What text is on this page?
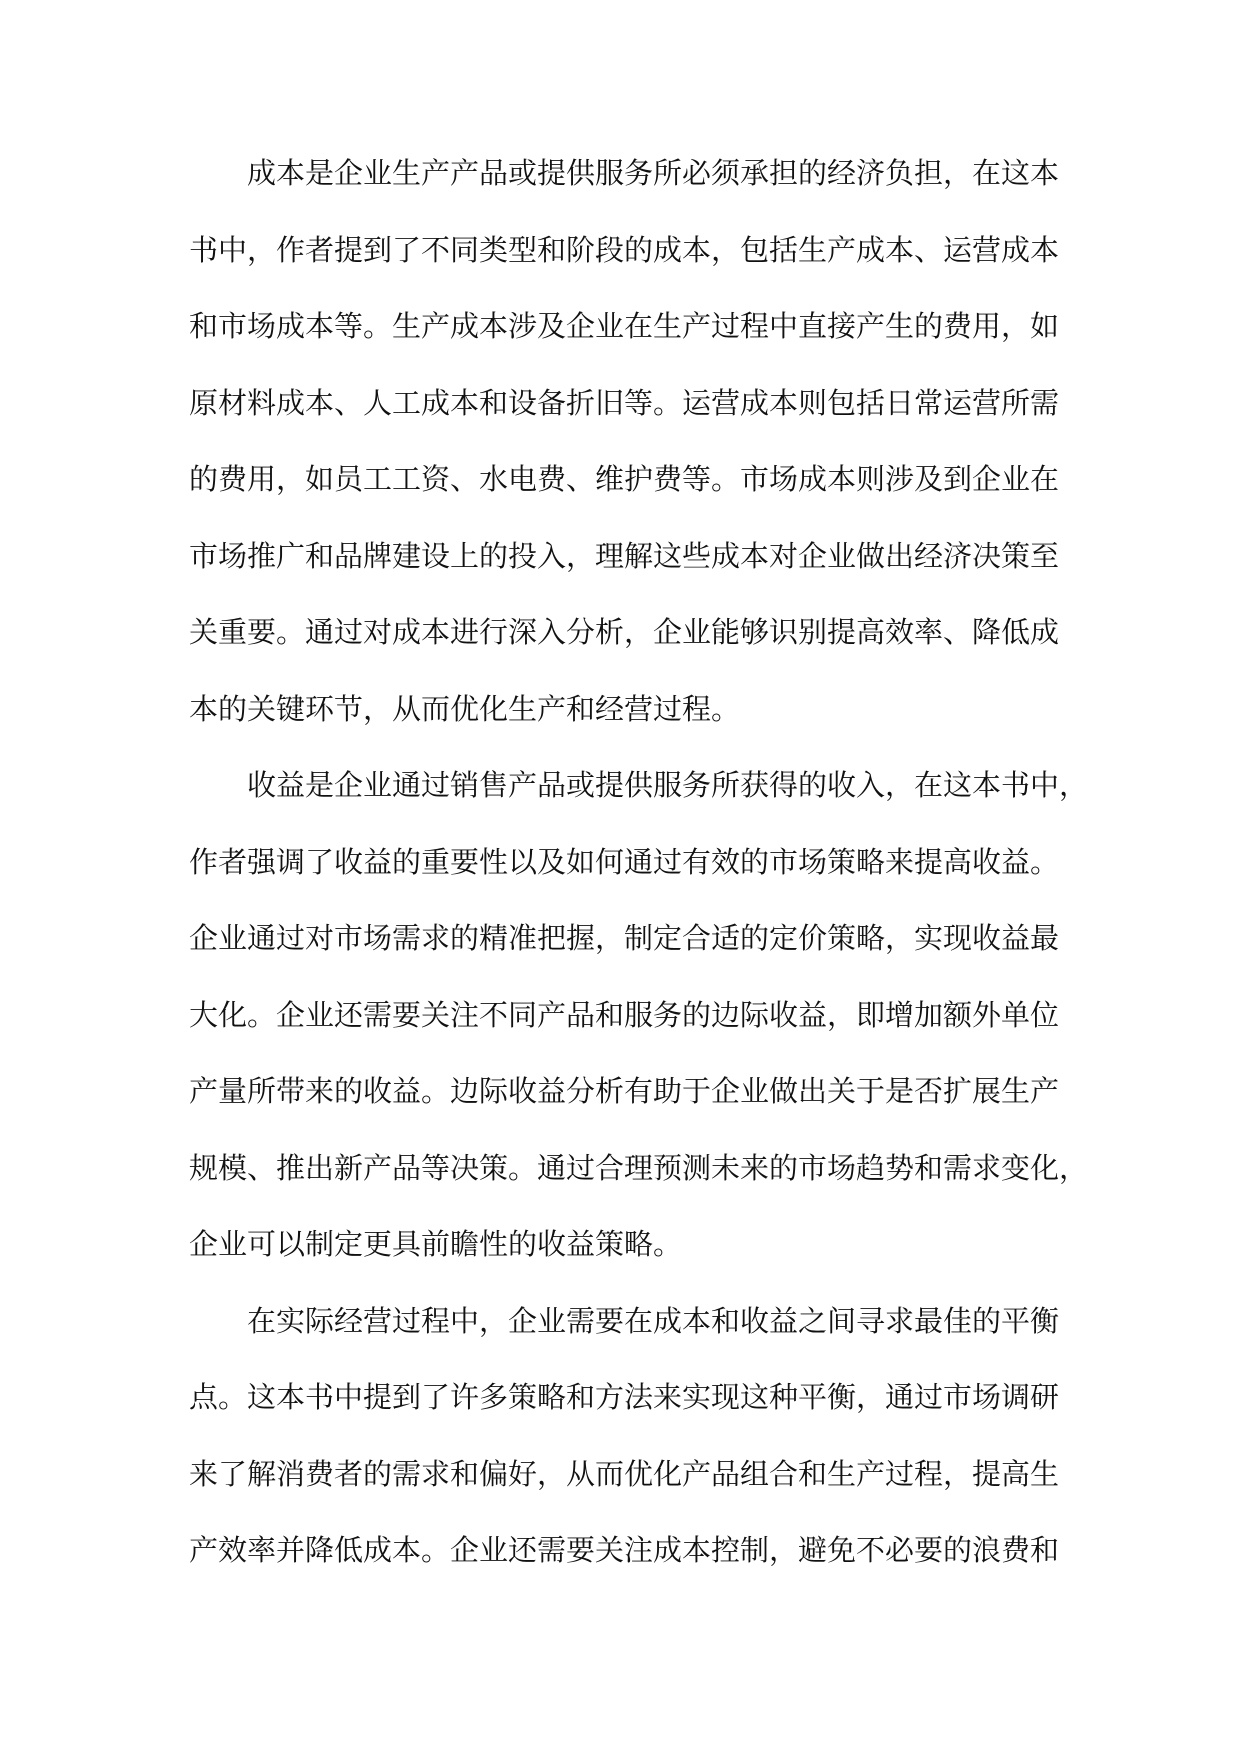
成本是企业生产产品或提供服务所必须承担的经济负担，在这本
书中，作者提到了不同类型和阶段的成本，包括生产成本、运营成本
和市场成本等。生产成本涉及企业在生产过程中直接产生的费用，如
原材料成本、人工成本和设备折旧等。运营成本则包括日常运营所需
的费用，如员工工资、水电费、维护费等。市场成本则涉及到企业在
市场推广和品牌建设上的投入，理解这些成本对企业做出经济决策至
关重要。通过对成本进行深入分析，企业能够识别提高效率、降低成
本的关键环节，从而优化生产和经营过程。

收益是企业通过销售产品或提供服务所获得的收入，在这本书中，
作者强调了收益的重要性以及如何通过有效的市场策略来提高收益。
企业通过对市场需求的精准把握，制定合适的定价策略，实现收益最
大化。企业还需要关注不同产品和服务的边际收益，即增加额外单位
产量所带来的收益。边际收益分析有助于企业做出关于是否扩展生产
规模、推出新产品等决策。通过合理预测未来的市场趋势和需求变化，
企业可以制定更具前瞻性的收益策略。

在实际经营过程中，企业需要在成本和收益之间寻求最佳的平衡
点。这本书中提到了许多策略和方法来实现这种平衡，通过市场调研
来了解消费者的需求和偏好，从而优化产品组合和生产过程，提高生
产效率并降低成本。企业还需要关注成本控制，避免不必要的浪费和
